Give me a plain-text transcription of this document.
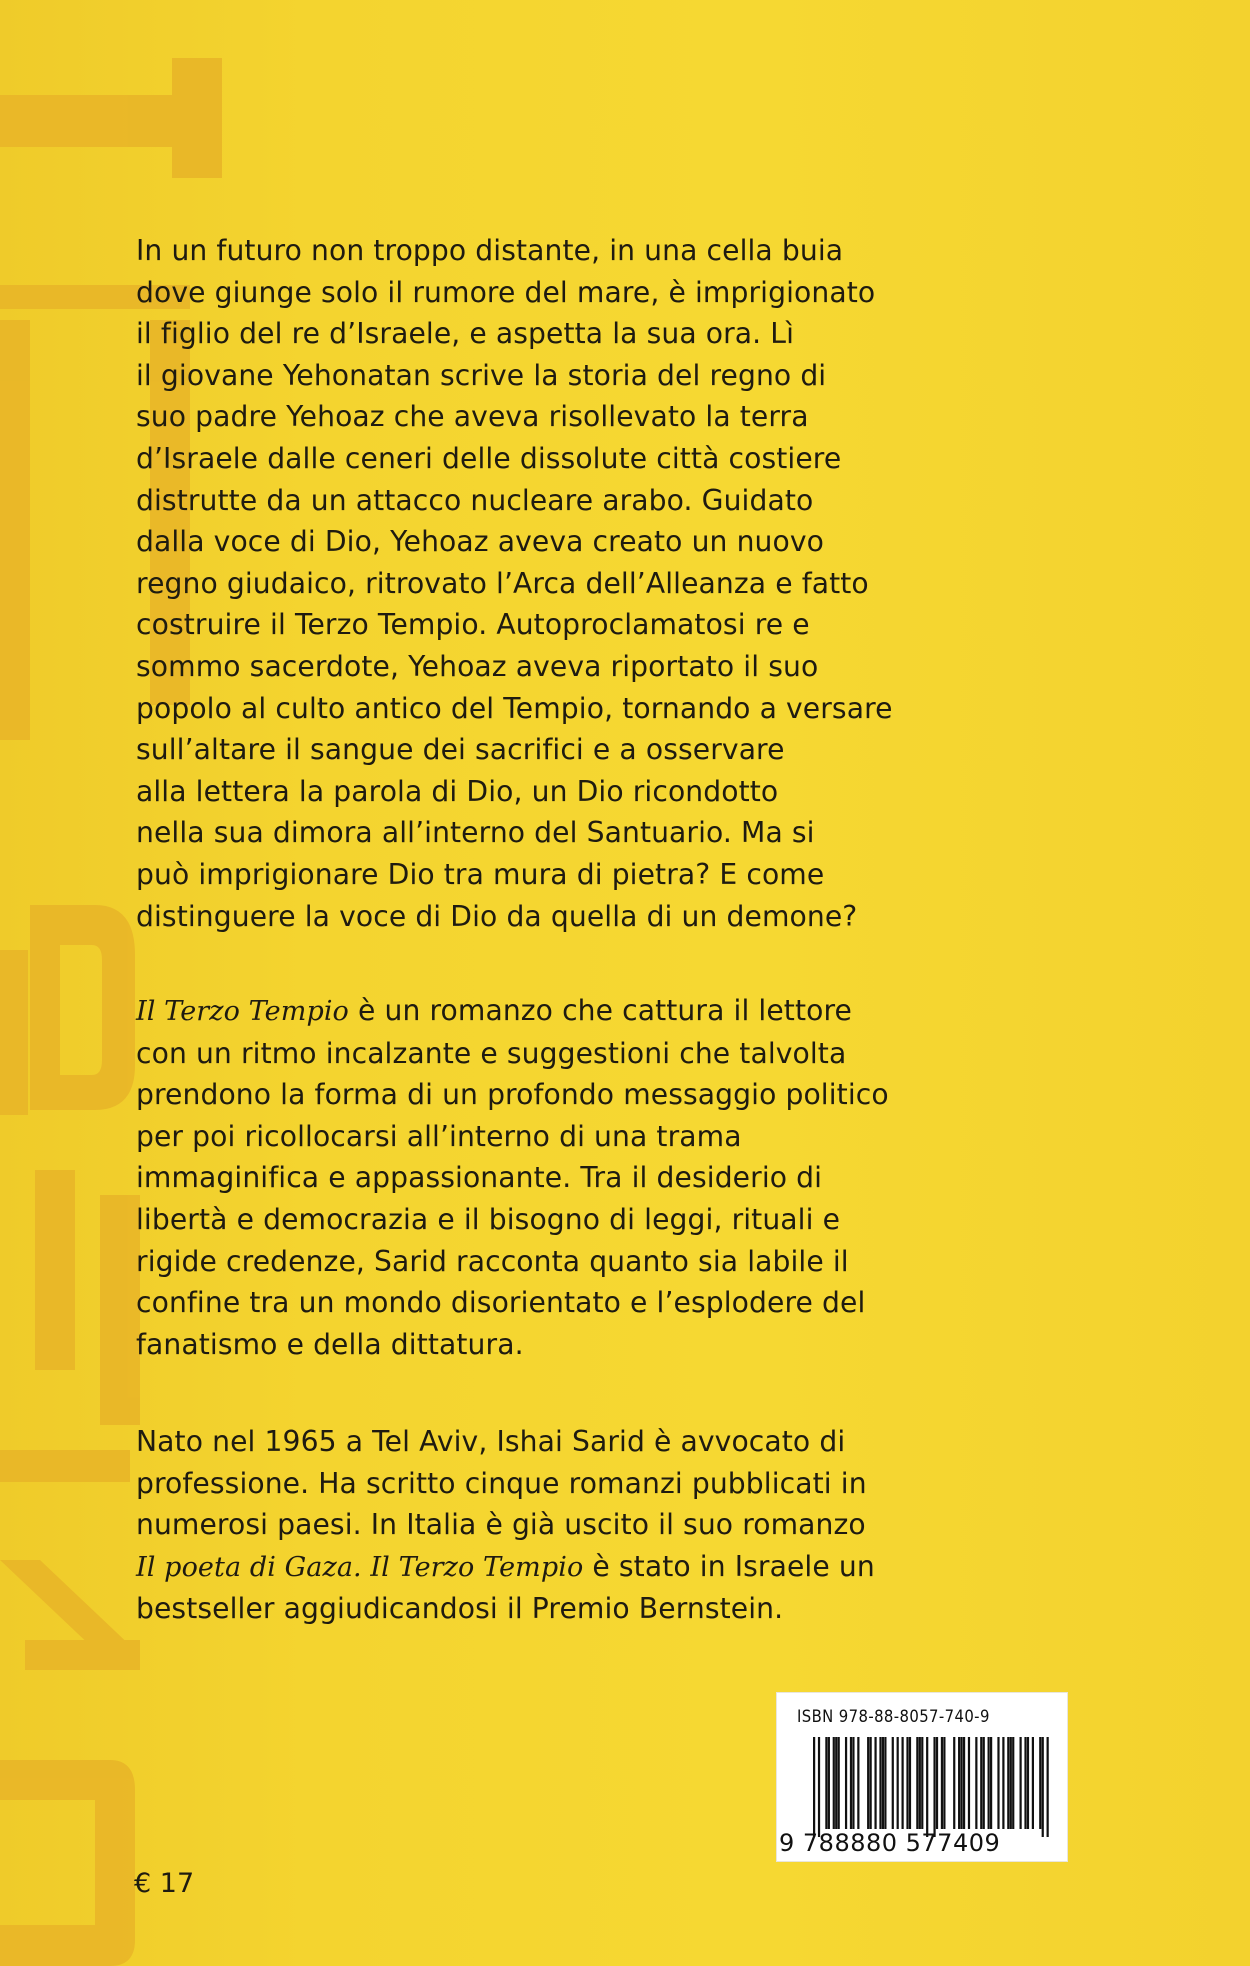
In un futuro non troppo distante, in una cella buia

dove giunge solo il rumore del mare, è imprigionato

il figlio del re d’Israele, e aspetta la sua ora. Lì

il giovane Yehonatan scrive la storia del regno di

suo padre Yehoaz che aveva risollevato la terra

d’Israele dalle ceneri delle dissolute città costiere

distrutte da un attacco nucleare arabo. Guidato

dalla voce di Dio, Yehoaz aveva creato un nuovo

regno giudaico, ritrovato l’Arca dell’Alleanza e fatto

costruire il Terzo Tempio. Autoproclamatosi re e

sommo sacerdote, Yehoaz aveva riportato il suo

popolo al culto antico del Tempio, tornando a versare

sull’altare il sangue dei sacrifici e a osservare

alla lettera la parola di Dio, un Dio ricondotto

nella sua dimora all’interno del Santuario. Ma si

può imprigionare Dio tra mura di pietra? E come

distinguere la voce di Dio da quella di un demone?

Il Terzo Tempio è un romanzo che cattura il lettore

con un ritmo incalzante e suggestioni che talvolta

prendono la forma di un profondo messaggio politico

per poi ricollocarsi all’interno di una trama

immaginifica e appassionante. Tra il desiderio di

libertà e democrazia e il bisogno di leggi, rituali e

rigide credenze, Sarid racconta quanto sia labile il

confine tra un mondo disorientato e l’esplodere del

fanatismo e della dittatura.

Nato nel 1965 a Tel Aviv, Ishai Sarid è avvocato di

professione. Ha scritto cinque romanzi pubblicati in

numerosi paesi. In Italia è già uscito il suo romanzo

Il poeta di Gaza. Il Terzo Tempio è stato in Israele un

bestseller aggiudicandosi il Premio Bernstein.

ISBN 978-88-8057-740-9
9 788880 577409
€ 17
